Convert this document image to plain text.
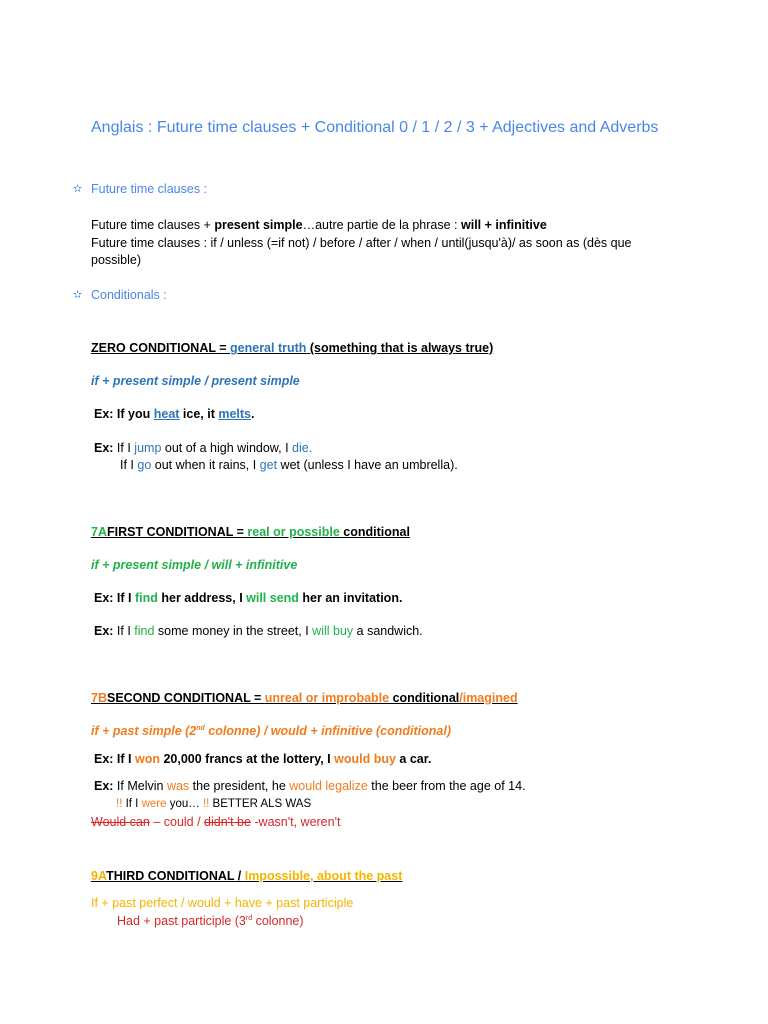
Anglais : Future time clauses + Conditional 0 / 1 / 2 / 3 + Adjectives and Adverbs
✫ Future time clauses :
Future time clauses + present simple…autre partie de la phrase : will + infinitive
Future time clauses : if / unless (=if not) / before / after / when / until(jusqu'à)/ as soon as (dès que possible)
✫ Conditionals :
ZERO CONDITIONAL = general truth (something that is always true)
if + present simple / present simple
Ex: If you heat ice, it melts.
Ex: If I jump out of a high window, I die.
If I go out when it rains, I get wet (unless I have an umbrella).
7AFIRST CONDITIONAL = real or possible conditional
if + present simple / will + infinitive
Ex: If I find her address, I will send her an invitation.
Ex: If I find some money in the street, I will buy a sandwich.
7BSECOND CONDITIONAL = unreal or improbable conditional/imagined
if + past simple (2nd colonne) / would + infinitive (conditional)
Ex: If I won 20,000 francs at the lottery, I would buy a car.
Ex: If Melvin was the president, he would legalize the beer from the age of 14.
!! If I were you… !! BETTER ALS WAS
Would can – could / didn't be -wasn't, weren't
9ATHIRD CONDITIONAL / Impossible, about the past
If + past perfect / would + have + past participle
Had + past participle (3rd colonne)
